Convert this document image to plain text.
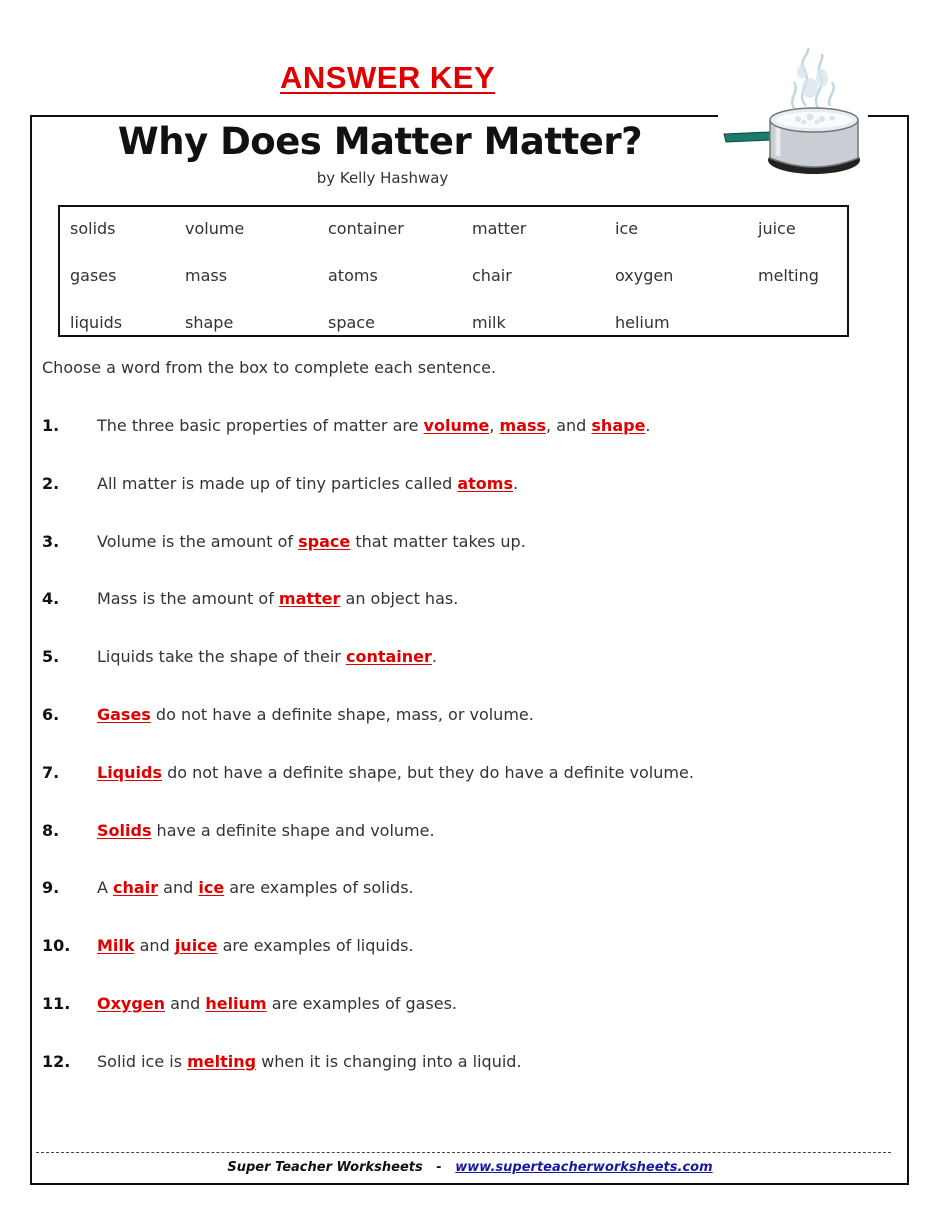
ANSWER KEY
Why Does Matter Matter?
by Kelly Hashway
solids	volume	container	matter	ice	juice
gases	mass	atoms	chair	oxygen	melting
liquids	shape	space	milk	helium
Choose a word from the box to complete each sentence.
1. The three basic properties of matter are volume, mass, and shape.
2. All matter is made up of tiny particles called atoms.
3. Volume is the amount of space that matter takes up.
4. Mass is the amount of matter an object has.
5. Liquids take the shape of their container.
6. Gases do not have a definite shape, mass, or volume.
7. Liquids do not have a definite shape, but they do have a definite volume.
8. Solids have a definite shape and volume.
9. A chair and ice are examples of solids.
10. Milk and juice are examples of liquids.
11. Oxygen and helium are examples of gases.
12. Solid ice is melting when it is changing into a liquid.
Super Teacher Worksheets - www.superteacherworksheets.com
